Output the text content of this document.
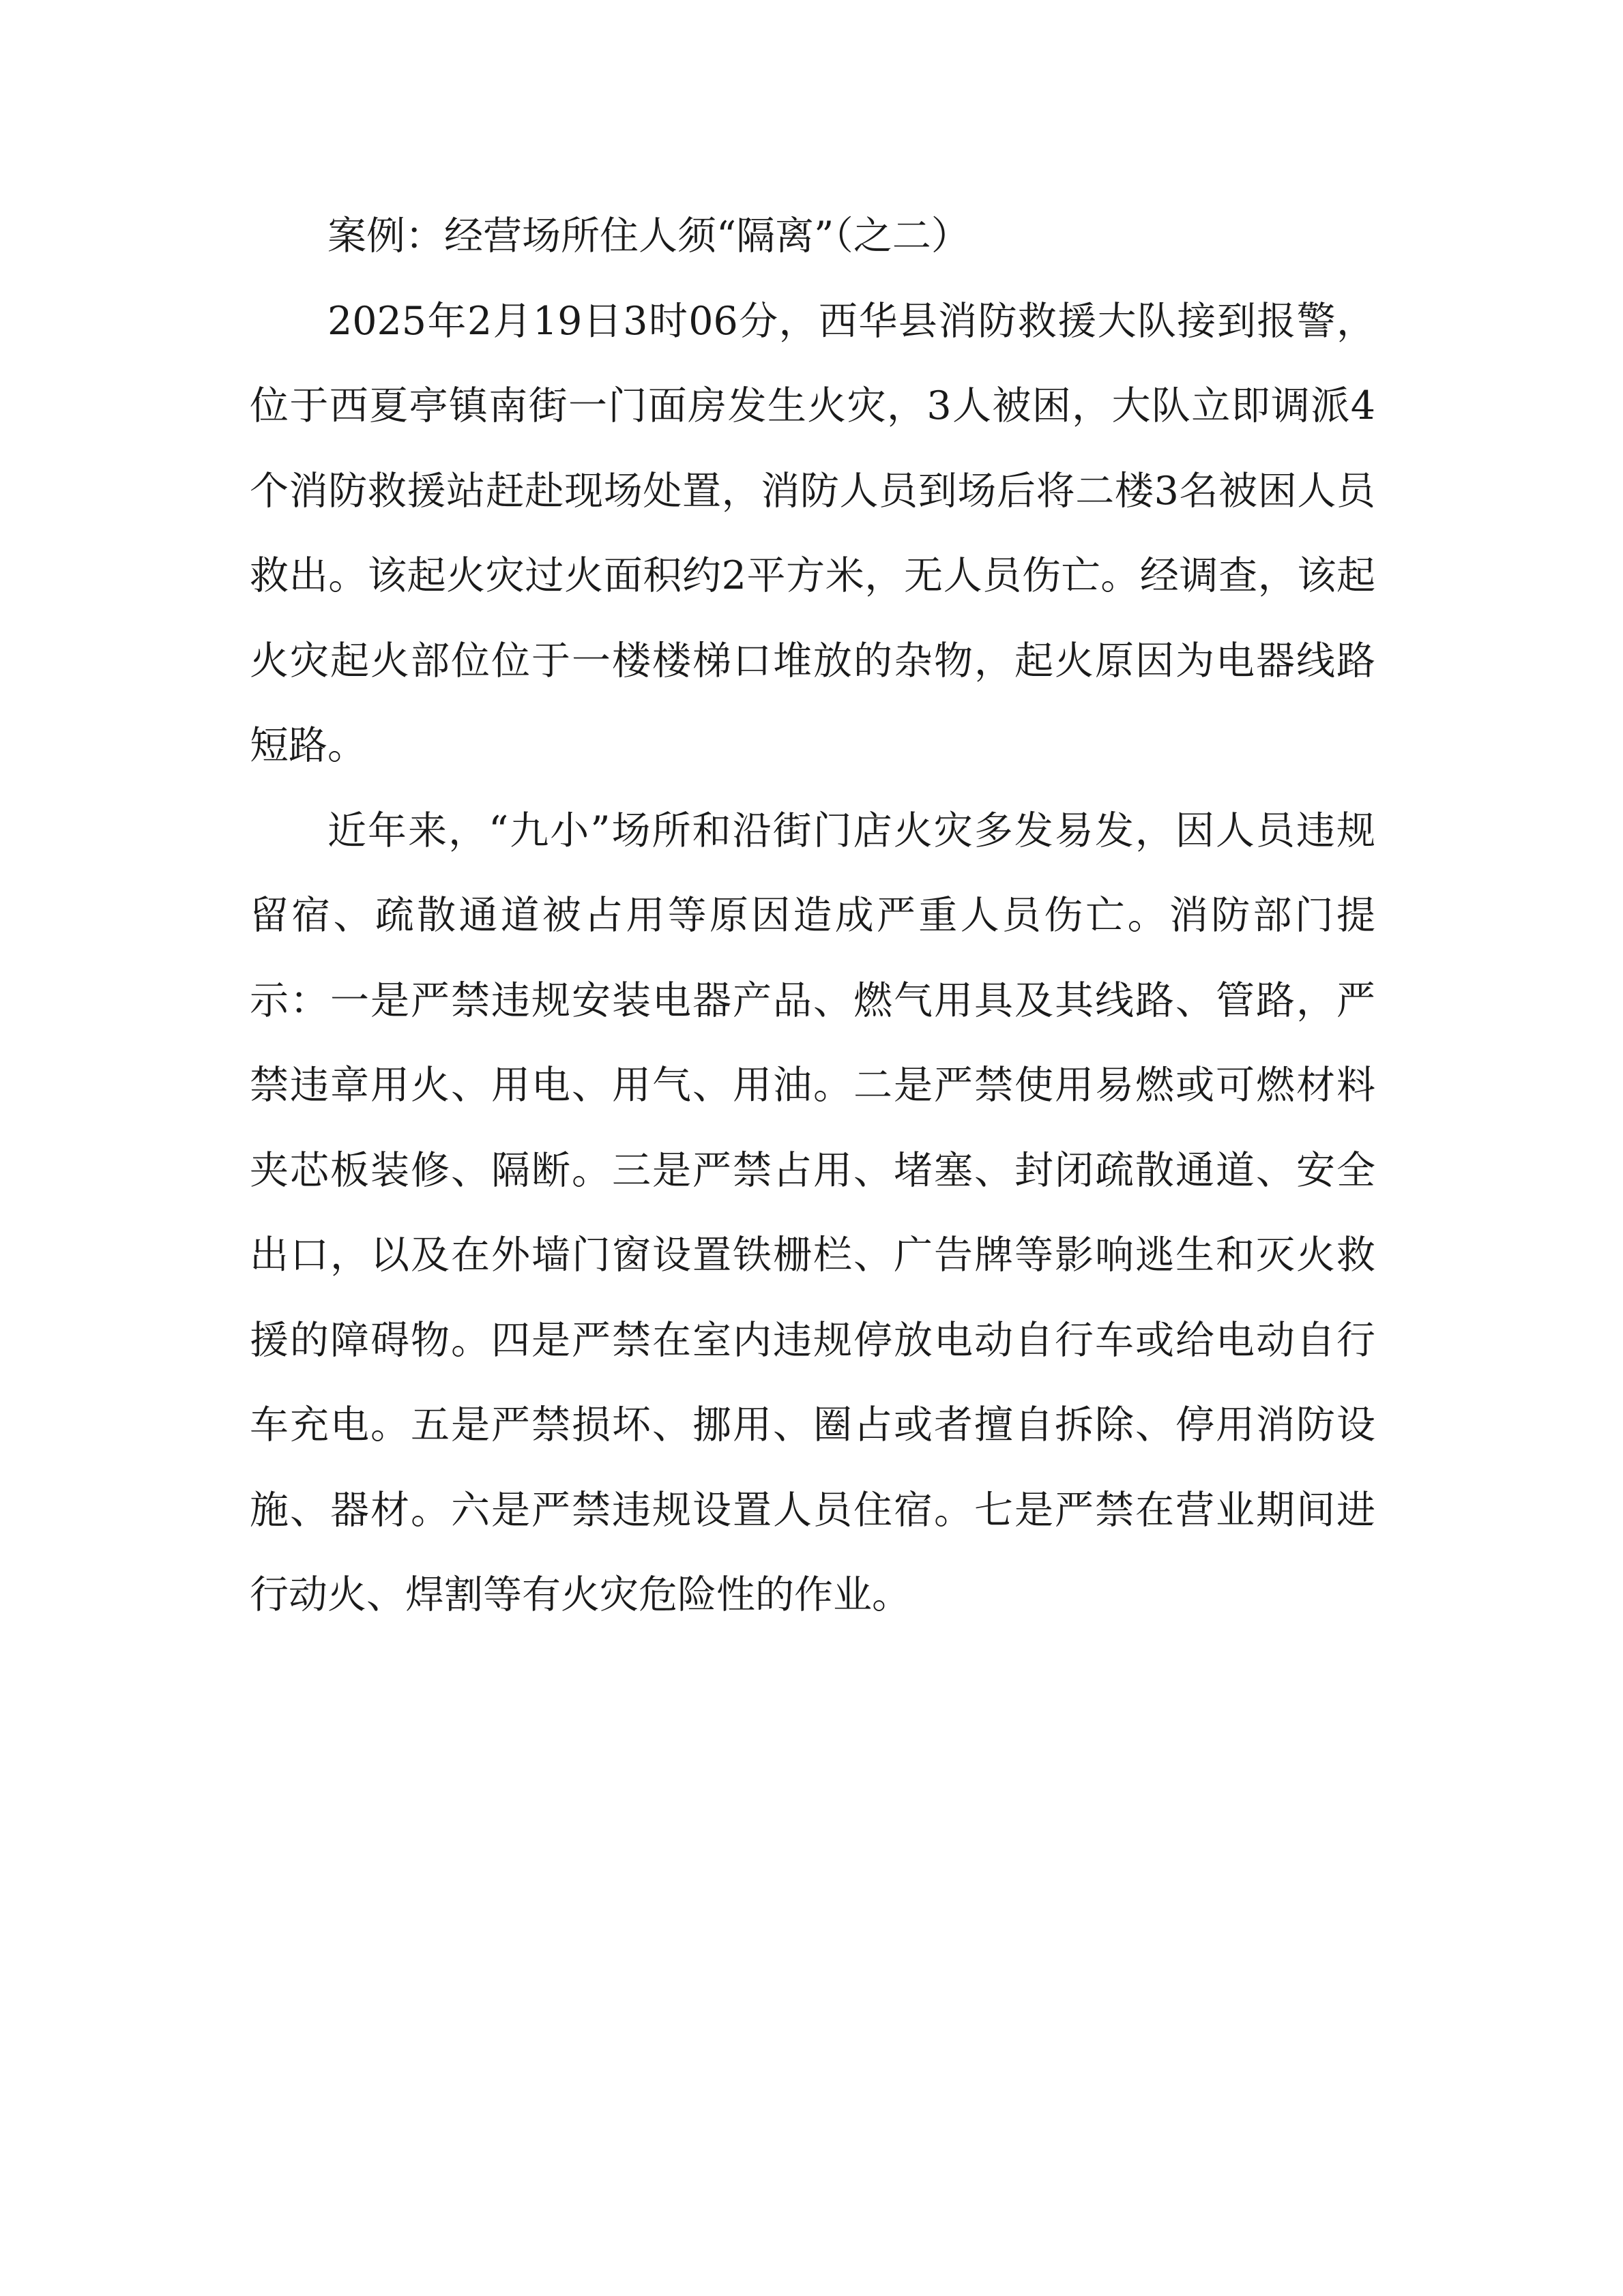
案例：经营场所住人须“隔离”（之二）

2025年2月19日3时06分，西华县消防救援大队接到报警，位于西夏亭镇南街一门面房发生火灾，3人被困，大队立即调派4个消防救援站赶赴现场处置，消防人员到场后将二楼3名被困人员救出。该起火灾过火面积约2平方米，无人员伤亡。经调查，该起火灾起火部位位于一楼楼梯口堆放的杂物，起火原因为电器线路短路。

近年来，“九小”场所和沿街门店火灾多发易发，因人员违规留宿、疏散通道被占用等原因造成严重人员伤亡。消防部门提示：一是严禁违规安装电器产品、燃气用具及其线路、管路，严禁违章用火、用电、用气、用油。二是严禁使用易燃或可燃材料夹芯板装修、隔断。三是严禁占用、堵塞、封闭疏散通道、安全出口，以及在外墙门窗设置铁栅栏、广告牌等影响逃生和灭火救援的障碍物。四是严禁在室内违规停放电动自行车或给电动自行车充电。五是严禁损坏、挪用、圈占或者擅自拆除、停用消防设施、器材。六是严禁违规设置人员住宿。七是严禁在营业期间进行动火、焊割等有火灾危险性的作业。
